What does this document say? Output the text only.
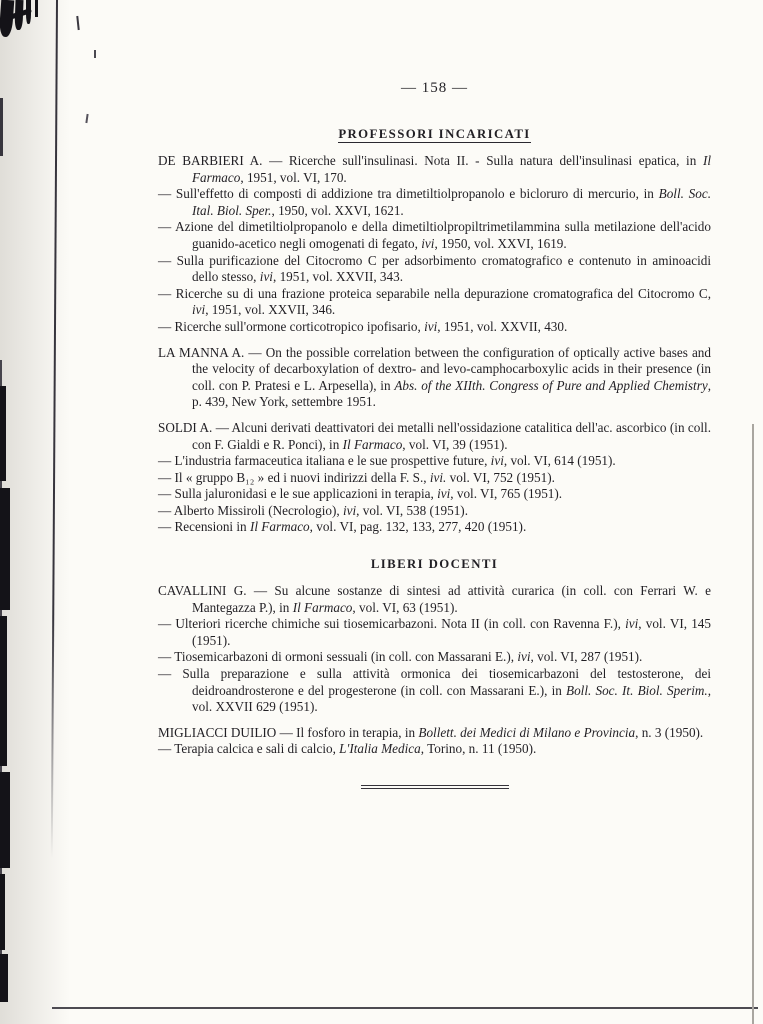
— 158 —
PROFESSORI INCARICATI

DE BARBIERI A. — Ricerche sull'insulinasi. Nota II. - Sulla natura dell'insulinasi epatica, in Il Farmaco, 1951, vol. VI, 170.

— Sull'effetto di composti di addizione tra dimetiltiolpropanolo e bicloruro di mercurio, in Boll. Soc. Ital. Biol. Sper., 1950, vol. XXVI, 1621.

— Azione del dimetiltiolpropanolo e della dimetiltiolpropiltrimetilammina sulla metilazione dell'acido guanido-acetico negli omogenati di fegato, ivi, 1950, vol. XXVI, 1619.

— Sulla purificazione del Citocromo C per adsorbimento cromatografico e contenuto in aminoacidi dello stesso, ivi, 1951, vol. XXVII, 343.

— Ricerche su di una frazione proteica separabile nella depurazione cromatografica del Citocromo C, ivi, 1951, vol. XXVII, 346.

— Ricerche sull'ormone corticotropico ipofisario, ivi, 1951, vol. XXVII, 430.

LA MANNA A. — On the possible correlation between the configuration of optically active bases and the velocity of decarboxylation of dextro- and levo-camphocarboxylic acids in their presence (in coll. con P. Pratesi e L. Arpesella), in Abs. of the XIIth. Congress of Pure and Applied Chemistry, p. 439, New York, settembre 1951.

SOLDI A. — Alcuni derivati deattivatori dei metalli nell'ossidazione catalitica dell'ac. ascorbico (in coll. con F. Gialdi e R. Ponci), in Il Farmaco, vol. VI, 39 (1951).

— L'industria farmaceutica italiana e le sue prospettive future, ivi, vol. VI, 614 (1951).

— Il « gruppo B₁₂ » ed i nuovi indirizzi della F. S., ivi. vol. VI, 752 (1951).

— Sulla jaluronidasi e le sue applicazioni in terapia, ivi, vol. VI, 765 (1951).

— Alberto Missiroli (Necrologio), ivi, vol. VI, 538 (1951).

— Recensioni in Il Farmaco, vol. VI, pag. 132, 133, 277, 420 (1951).

LIBERI DOCENTI

CAVALLINI G. — Su alcune sostanze di sintesi ad attività curarica (in coll. con Ferrari W. e Mantegazza P.), in Il Farmaco, vol. VI, 63 (1951).

— Ulteriori ricerche chimiche sui tiosemicarbazoni. Nota II (in coll. con Ravenna F.), ivi, vol. VI, 145 (1951).

— Tiosemicarbazoni di ormoni sessuali (in coll. con Massarani E.), ivi, vol. VI, 287 (1951).

— Sulla preparazione e sulla attività ormonica dei tiosemicarbazoni del testosterone, dei deidroandrosterone e del progesterone (in coll. con Massarani E.), in Boll. Soc. It. Biol. Sperim., vol. XXVII 629 (1951).

MIGLIACCI DUILIO — Il fosforo in terapia, in Bollett. dei Medici di Milano e Provincia, n. 3 (1950).

— Terapia calcica e sali di calcio, L'Italia Medica, Torino, n. 11 (1950).
